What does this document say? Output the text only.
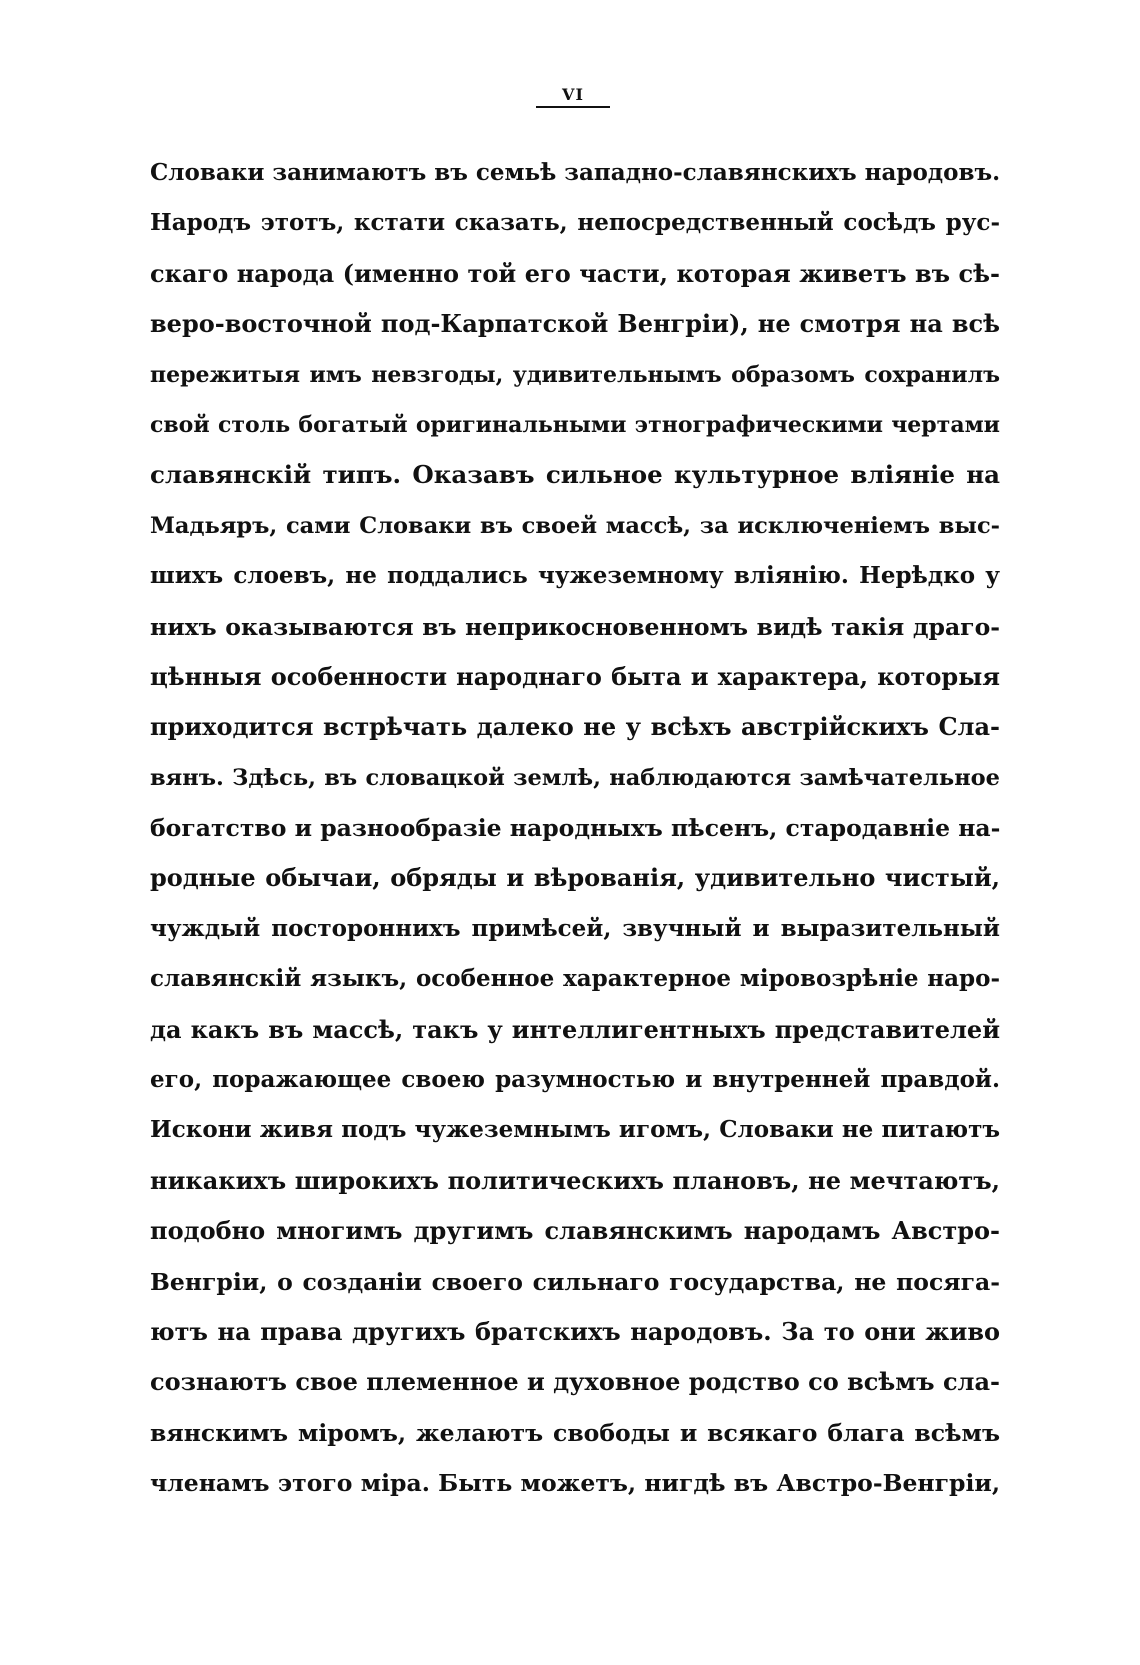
VI
Словаки занимаютъ въ семьѣ западно-славянскихъ народовъ.
Народъ этотъ, кстати сказать, непосредственный сосѣдъ рус-
скаго народа (именно той его части, которая живетъ въ сѣ-
веро-восточной под-Карпатской Венгріи), не смотря на всѣ
пережитыя имъ невзгоды, удивительнымъ образомъ сохранилъ
свой столь богатый оригинальными этнографическими чертами
славянскій типъ. Оказавъ сильное культурное вліяніе на
Мадьяръ, сами Словаки въ своей массѣ, за исключеніемъ выс-
шихъ слоевъ, не поддались чужеземному вліянію. Нерѣдко у
нихъ оказываются въ неприкосновенномъ видѣ такія драго-
цѣнныя особенности народнаго быта и характера, которыя
приходится встрѣчать далеко не у всѣхъ австрійскихъ Сла-
вянъ. Здѣсь, въ словацкой землѣ, наблюдаются замѣчательное
богатство и разнообразіе народныхъ пѣсенъ, стародавніе на-
родные обычаи, обряды и вѣрованія, удивительно чистый,
чуждый постороннихъ примѣсей, звучный и выразительный
славянскій языкъ, особенное характерное міровозрѣніе наро-
да какъ въ массѣ, такъ у интеллигентныхъ представителей
его, поражающее своею разумностью и внутренней правдой.
Искони живя подъ чужеземнымъ игомъ, Словаки не питаютъ
никакихъ широкихъ политическихъ плановъ, не мечтаютъ,
подобно многимъ другимъ славянскимъ народамъ Австро-
Венгріи, о созданіи своего сильнаго государства, не посяга-
ютъ на права другихъ братскихъ народовъ. За то они живо
сознаютъ свое племенное и духовное родство со всѣмъ сла-
вянскимъ міромъ, желаютъ свободы и всякаго блага всѣмъ
членамъ этого міра. Быть можетъ, нигдѣ въ Австро-Венгріи,
